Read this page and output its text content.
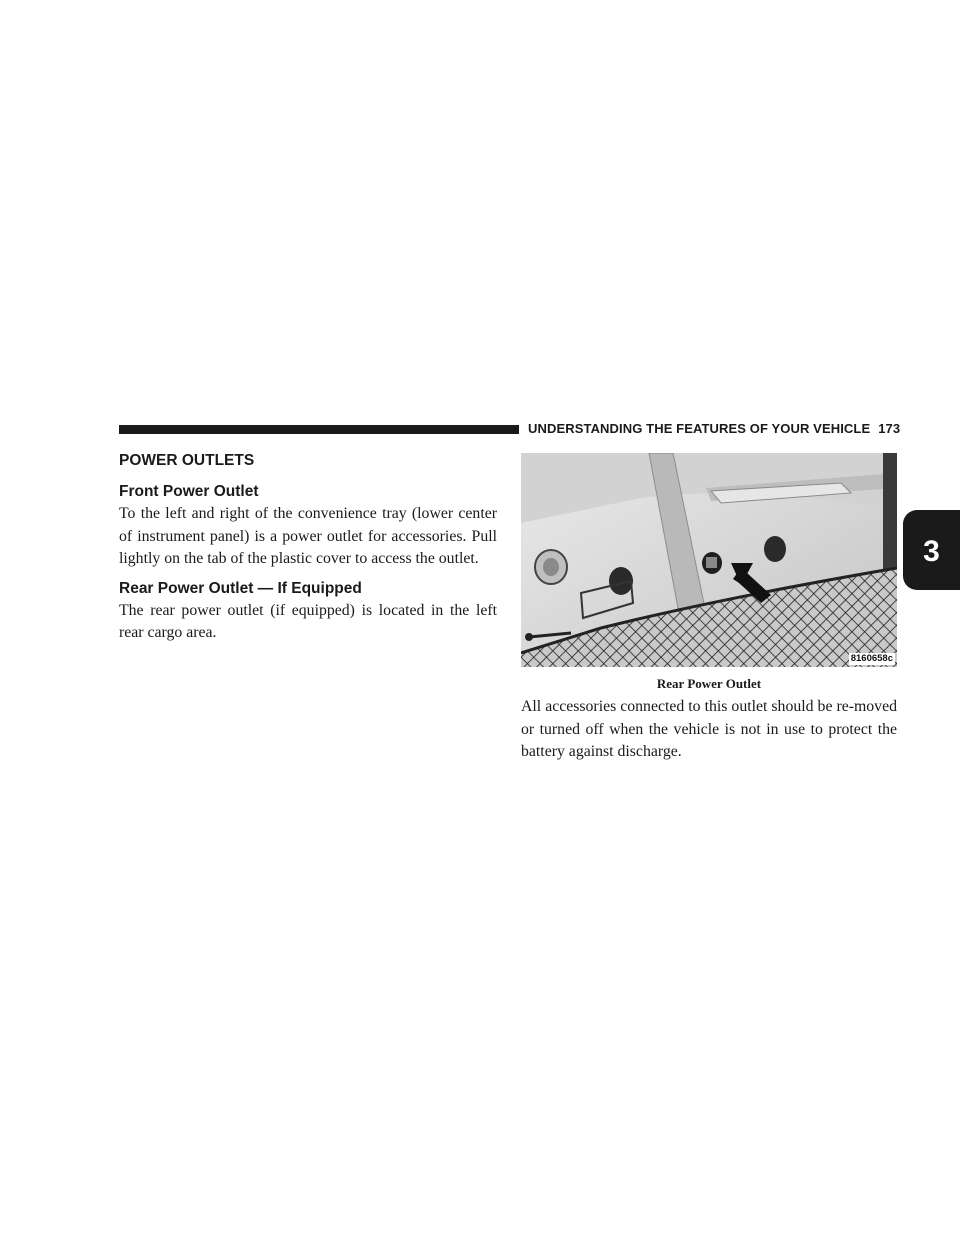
UNDERSTANDING THE FEATURES OF YOUR VEHICLE 173
POWER OUTLETS
Front Power Outlet

To the left and right of the convenience tray (lower center of instrument panel) is a power outlet for accessories. Pull lightly on the tab of the plastic cover to access the outlet.

Rear Power Outlet — If Equipped

The rear power outlet (if equipped) is located in the left rear cargo area.

8160658c
Rear Power Outlet

All accessories connected to this outlet should be re-moved or turned off when the vehicle is not in use to protect the battery against discharge.

3
